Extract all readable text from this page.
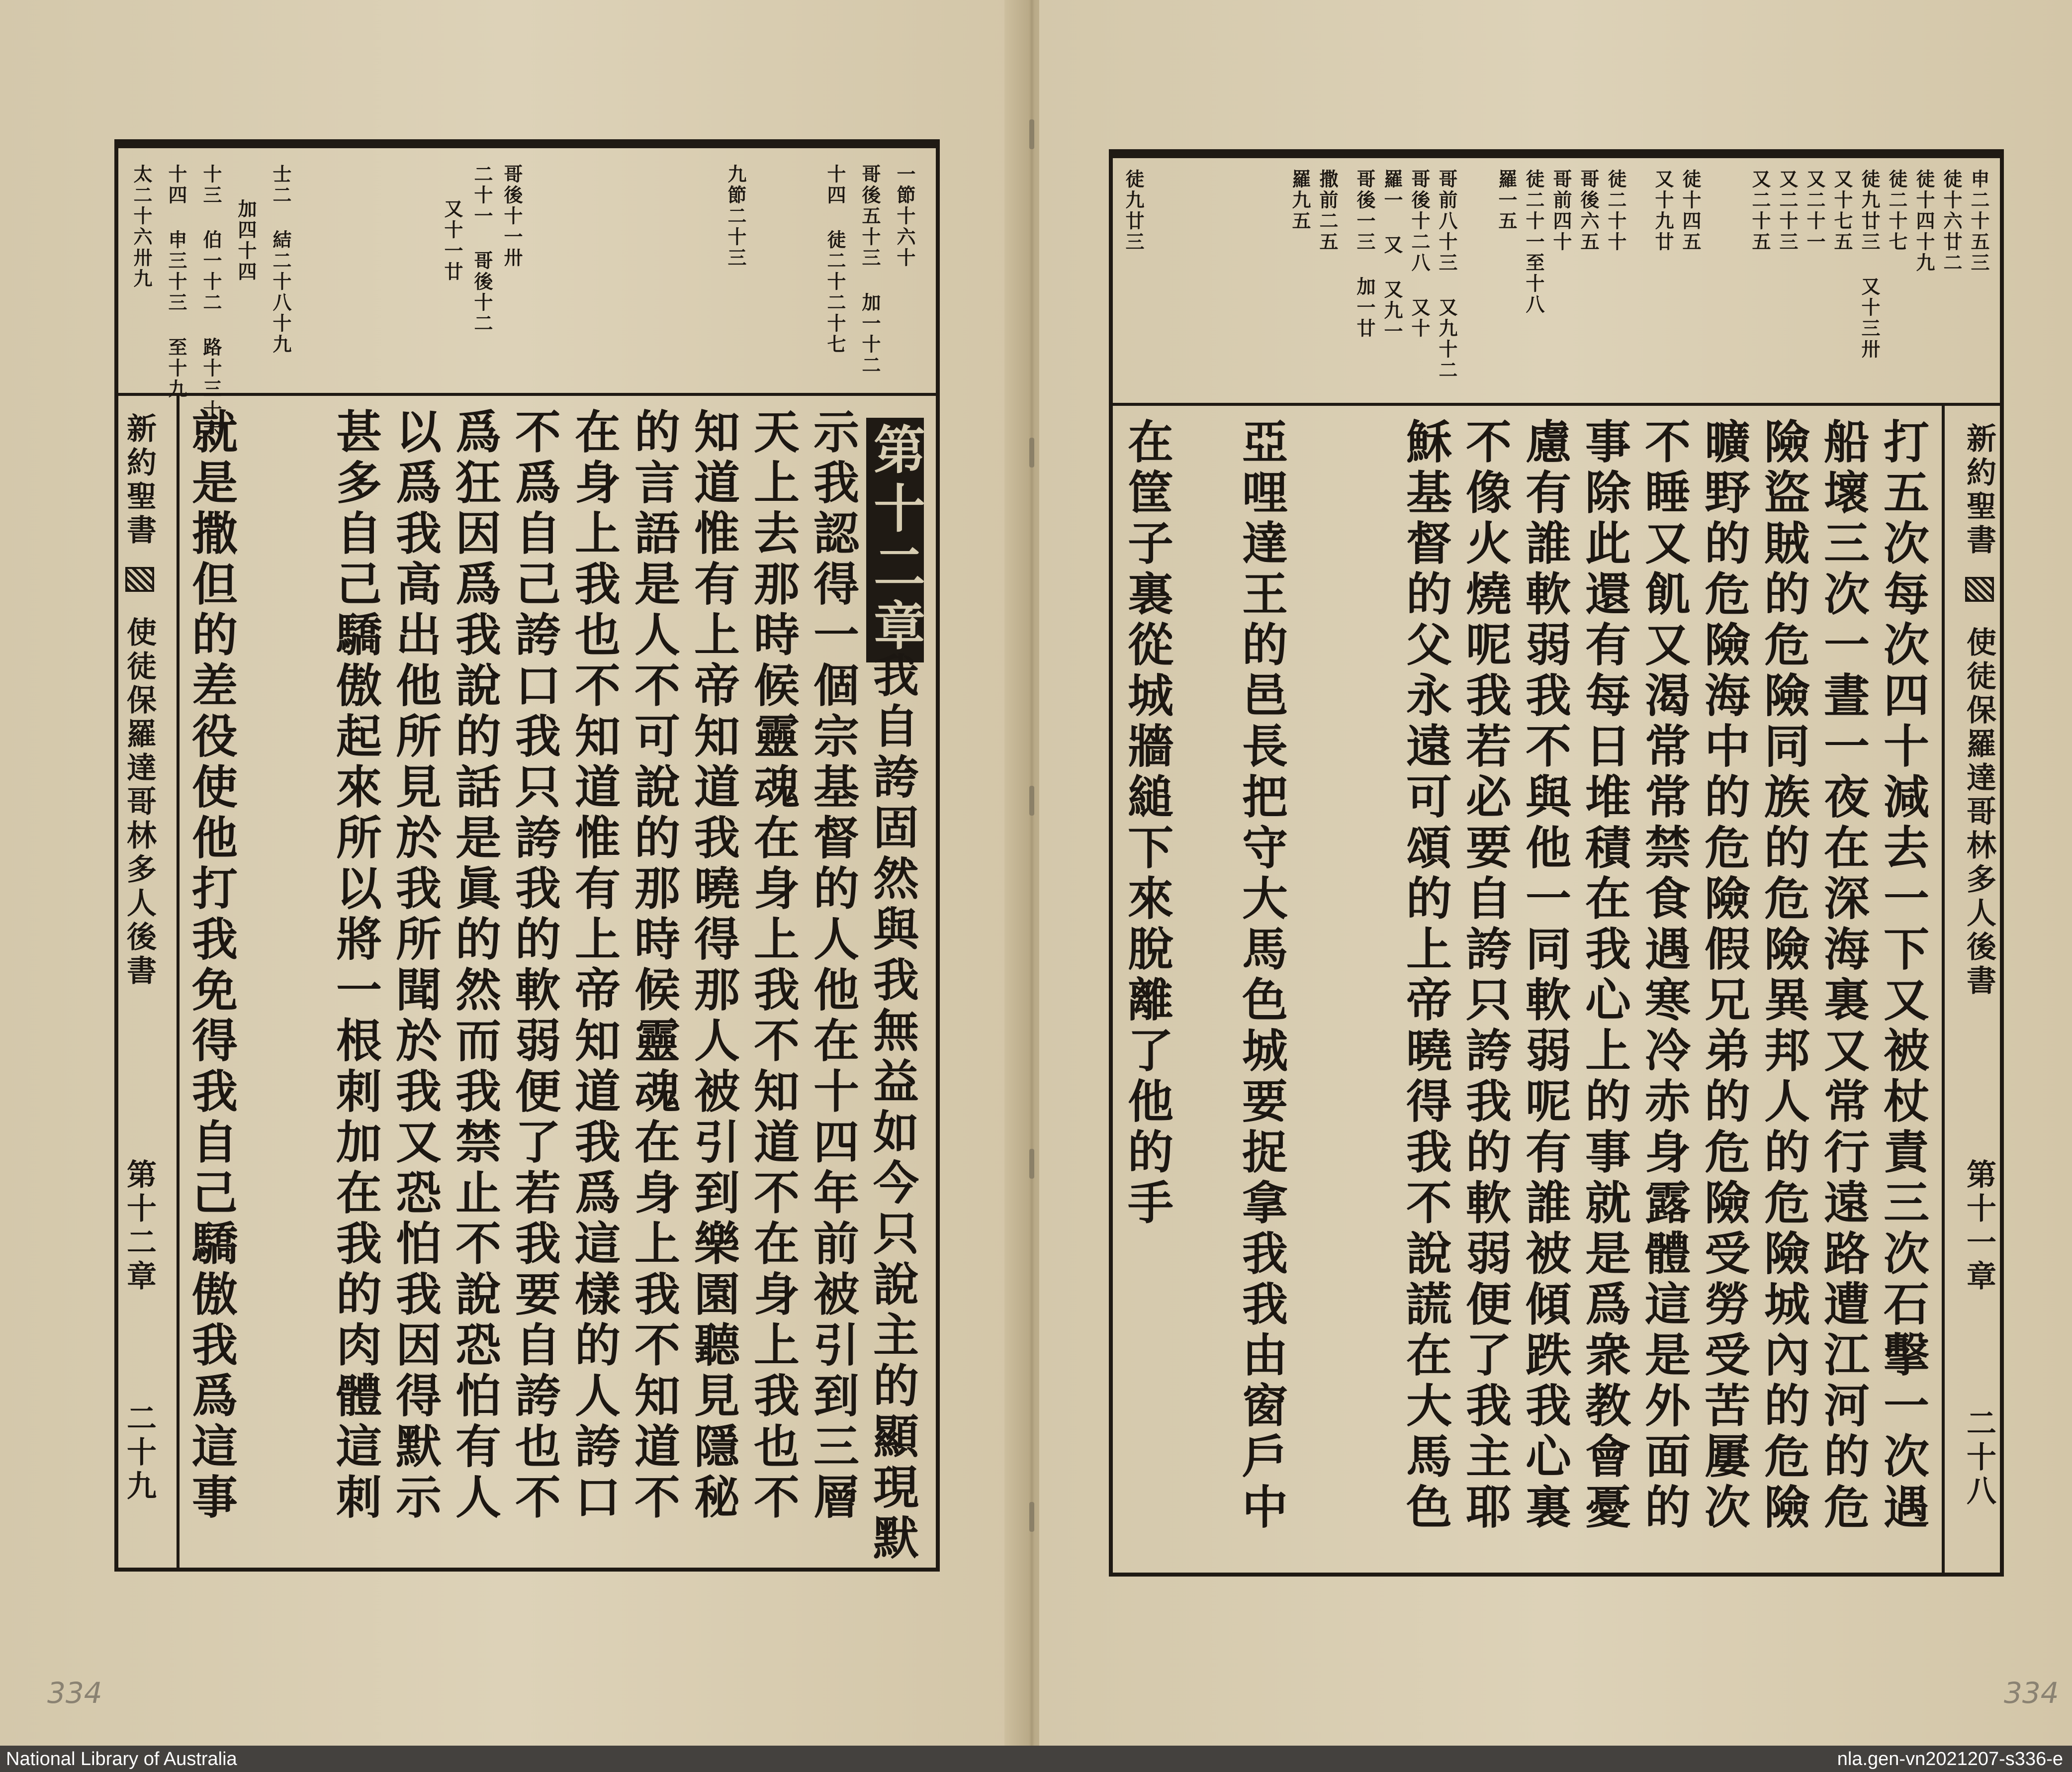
一節十六十
哥後五十三 加一十二
十四 徒二十二十七
九節二十三
哥後十一卅
二十一 哥後十二
又十一廿
士二 結二十八十九
加四十四
十三 伯一十二 路十三十六
十四 申三十三 至十九
太二十六卅九
第十二章
我自誇固然與我無益如今只說主的顯現默
示我認得一個宗基督的人他在十四年前被引到三層
天上去那時候靈魂在身上我不知道不在身上我也不
知道惟有上帝知道我曉得那人被引到樂園聽見隱秘
的言語是人不可說的那時候靈魂在身上我不知道不
在身上我也不知道惟有上帝知道我爲這樣的人誇口
不爲自己誇口我只誇我的軟弱便了若我要自誇也不
爲狂因爲我說的話是眞的然而我禁止不說恐怕有人
以爲我高出他所見於我所聞於我又恐怕我因得默示
甚多自己驕傲起來所以將一根刺加在我的肉體這刺
就是撒但的差役使他打我免得我自己驕傲我爲這事
新約聖書
使徒保羅達哥林多人後書
第十二章
二十九
334
申二十五三
徒十六廿二
徒十四十九
徒二十七
徒九廿三 又十三卅
又十七五
又二十一
又二十三
又二十五
徒十四五
又十九廿
徒二十十
哥後六五
哥前四十
徒二十一至十八
羅一五
哥前八十三 又九十二
哥後十二八 又十
羅一 又 又九一
哥後一三 加一廿
撒前二五
羅九五
徒九廿三
新約聖書
使徒保羅達哥林多人後書
第十一章
二十八
打五次每次四十減去一下又被杖責三次石擊一次遇
船壞三次一晝一夜在深海裏又常行遠路遭江河的危
險盜賊的危險同族的危險異邦人的危險城內的危險
曠野的危險海中的危險假兄弟的危險受勞受苦屢次
不睡又飢又渴常常禁食遇寒冷赤身露體這是外面的
事除此還有每日堆積在我心上的事就是爲衆教會憂
慮有誰軟弱我不與他一同軟弱呢有誰被傾跌我心裏
不像火燒呢我若必要自誇只誇我的軟弱便了我主耶
穌基督的父永遠可頌的上帝曉得我不說謊在大馬色
亞哩達王的邑長把守大馬色城要捉拿我我由窗戶中
在筐子裏從城牆縋下來脫離了他的手
334
National Library of Australia	nla.gen-vn2021207-s336-e
